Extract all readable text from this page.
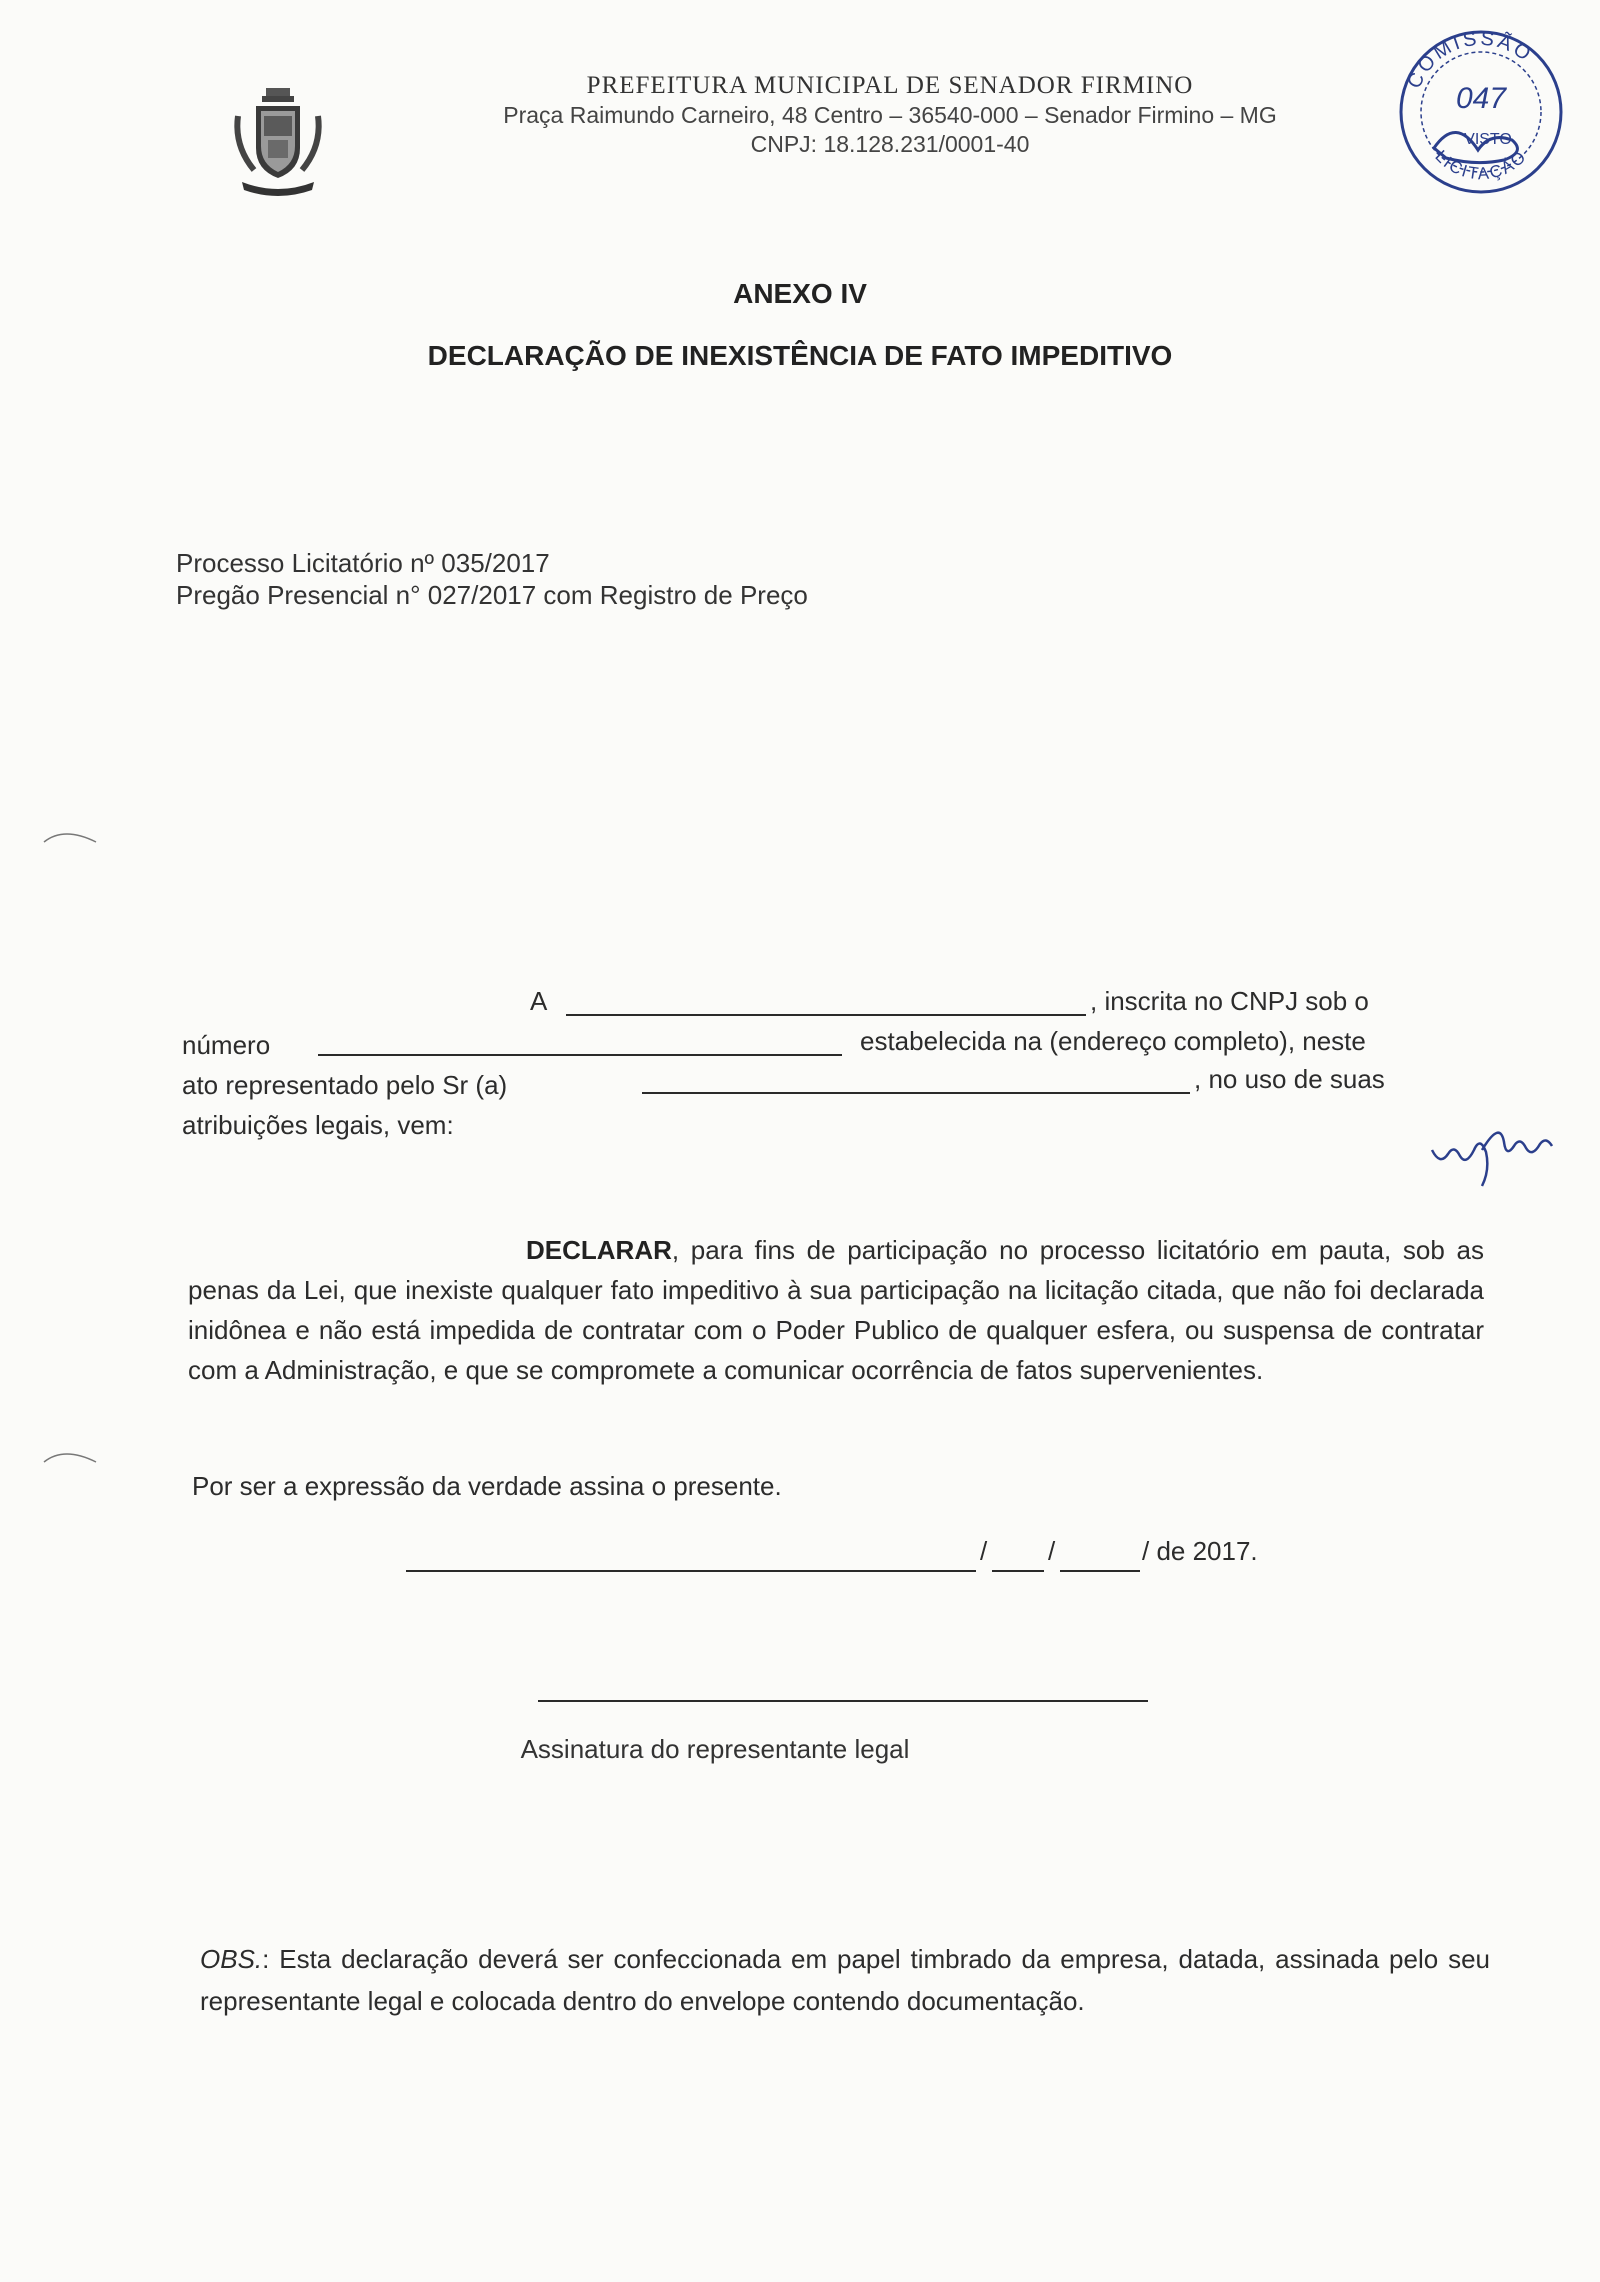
PREFEITURA MUNICIPAL DE SENADOR FIRMINO
Praça Raimundo Carneiro, 48 Centro – 36540-000 – Senador Firmino – MG
CNPJ: 18.128.231/0001-40
COMISSÃO
LICITAÇÃO
047
VISTO
ANEXO IV
DECLARAÇÃO DE INEXISTÊNCIA DE FATO IMPEDITIVO
Processo Licitatório nº 035/2017
Pregão Presencial n° 027/2017 com Registro de Preço
A	, inscrita no CNPJ sob o
número	estabelecida na (endereço completo), neste
ato representado pelo Sr (a)	, no uso de suas
atribuições legais, vem:
DECLARAR, para fins de participação no processo licitatório em pauta, sob as penas da Lei, que inexiste qualquer fato impeditivo à sua participação na licitação citada, que não foi declarada inidônea e não está impedida de contratar com o Poder Publico de qualquer esfera, ou suspensa de contratar com a Administração, e que se compromete a comunicar ocorrência de fatos supervenientes.
Por ser a expressão da verdade assina o presente.
/ /	/ de 2017.
Assinatura do representante legal
OBS.: Esta declaração deverá ser confeccionada em papel timbrado da empresa, datada, assinada pelo seu representante legal e colocada dentro do envelope contendo documentação.
